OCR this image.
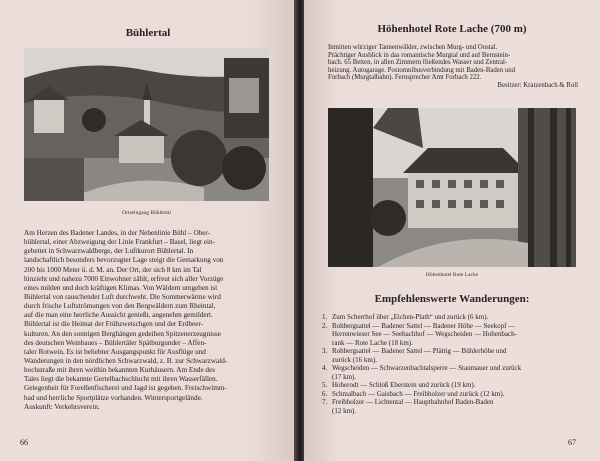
Bühlertal
Ortseingang Bühlertal
Am Herzen des Badener Landes, in der Nebenlinie Bühl – Ober-
bühlertal, einer Abzweigung der Linie Frankfurt – Basel, liegt ein-
gebettet in Schwarzwaldberge, der Luftkurort Bühlertal. In
landschaftlich besonders bevorzugter Lage steigt die Gemarkung von
200 bis 1000 Meter ü. d. M. an. Der Ort, der sich 8 km im Tal
hinzieht und nahezu 7000 Einwohner zählt, erfreut sich aller Vorzüge
eines milden und doch kräftigen Klimas. Von Wäldern umgeben ist
Bühlertal von rauschender Luft durchweht. Die Sommerwärme wird
durch frische Luftströmungen von den Bergwäldern zum Rheintal,
auf die man eine herrliche Aussicht genießt, angenehm gemildert.
Bühlertal ist die Heimat der Frühzwetschgen und der Erdbeer-
kulturen. An den sonnigen Berghängen gedeihen Spitzenerzeugnisse
des deutschen Weinbaues – Bühlertäler Spätburgunder – Affen-
taler Rotwein. Es ist beliebter Ausgangspunkt für Ausflüge und
Wanderungen in den nördlichen Schwarzwald, z. B. zur Schwarzwald-
hochstraße mit ihren weithin bekannten Kurhäusern. Am Ende des
Tales liegt die bekannte Gertelbachschlucht mit ihren Wasserfällen.
Gelegenheit für Forellenfischerei und Jagd ist gegeben. Freischwimm-
bad und herrliche Sportplätze vorhanden. Wintersportgelände.
Auskunft: Verkehrsverein.
66
Höhenhotel Rote Lache (700 m)
Inmitten würziger Tannenwälder, zwischen Murg- und Oostal.
Prächtiger Ausblick in das romantische Murgtal und auf Bernstein-
bach. 65 Betten, in allen Zimmern fließendes Wasser und Zentral-
heizung. Autogarage. Postomnibusverbindung mit Baden-Baden und
Forbach (Murgtalbahn). Fernsprecher Amt Forbach 222.
Besitzer: Kratzenbach & Roll
Höhenhotel Rote Lache
Empfehlenswerte Wanderungen:
1. Zum Scherrhof über „Eichen-Plath“ und zurück (6 km).
2. Rohbergsattel — Badener Sattel — Badener Höhe — Seekopf —
Herrenwieser See — Seebachhof — Wegscheiden — Hohenbach-
rank — Rote Lache (18 km).
3. Rohbergsattel — Badener Sattel — Plättig — Bühlerhöhe und
zurück (16 km).
4. Wegscheiden — Schwarzenbachtalsperre — Staumauer und zurück
(17 km).
5. Hoherodt — Schloß Eberstein und zurück (19 km).
6. Schmalbach — Gaisbach — Freibholzer und zurück (12 km).
7. Freibholzer — Lichtental — Hauptbahnhof Baden-Baden
(12 km).
67
